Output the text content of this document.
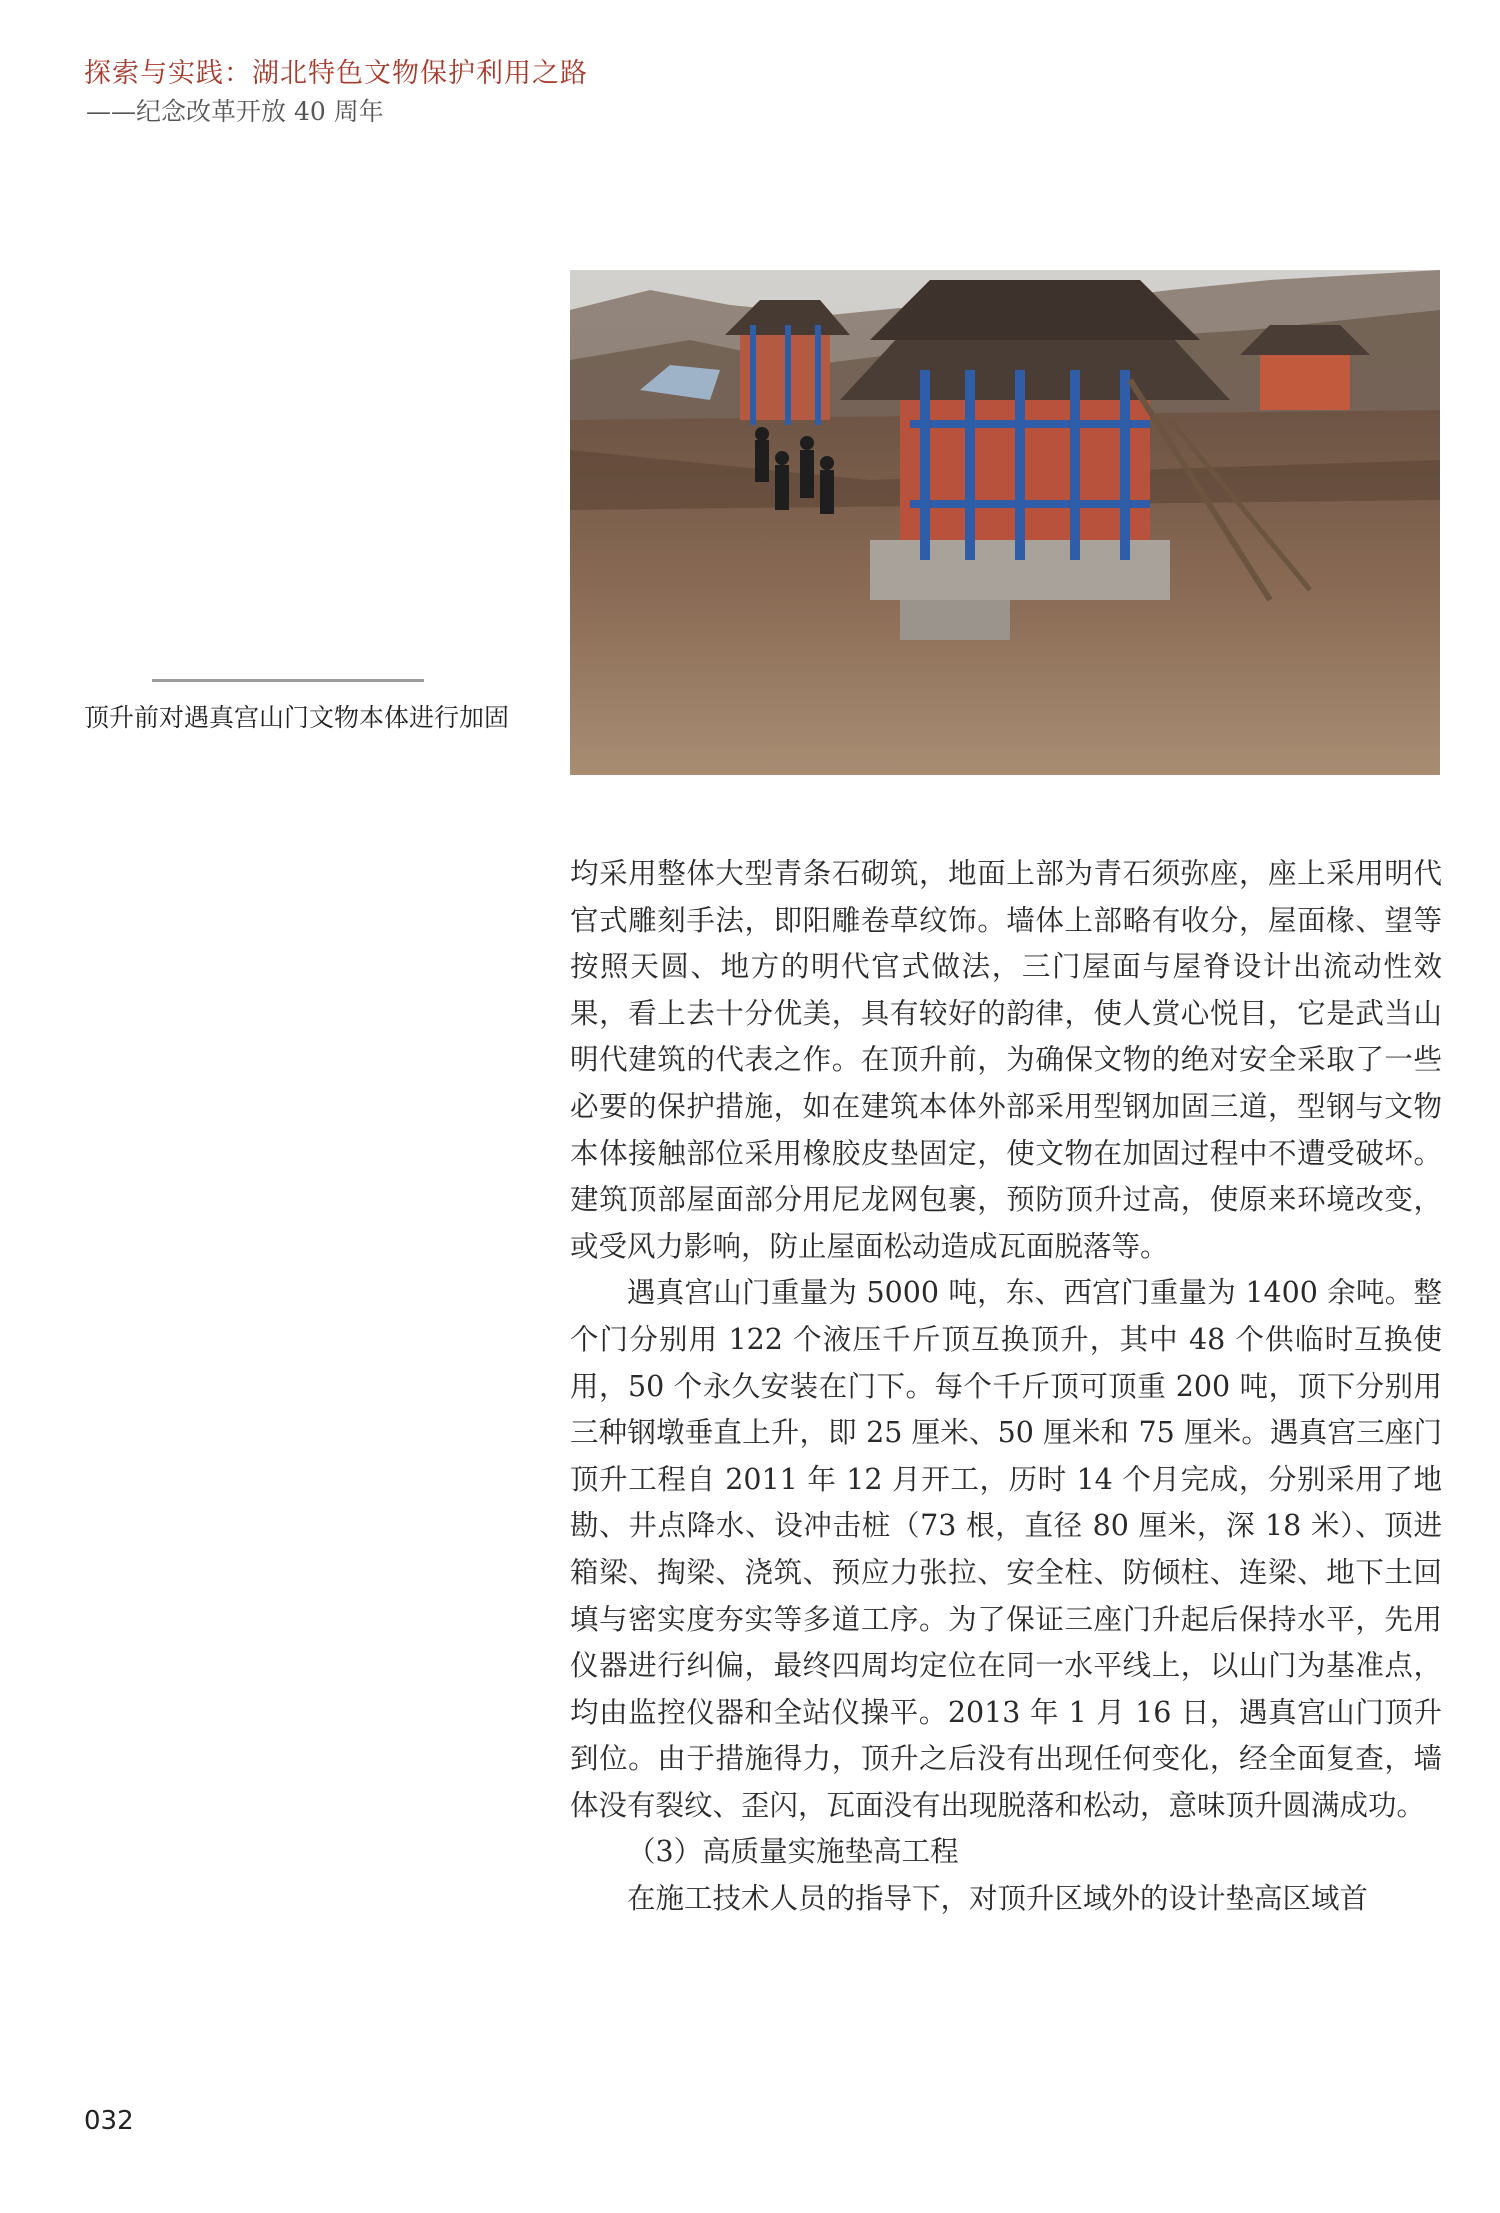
探索与实践：湖北特色文物保护利用之路
——纪念改革开放 40 周年
顶升前对遇真宫山门文物本体进行加固

均采用整体大型青条石砌筑，地面上部为青石须弥座，座上采用明代官式雕刻手法，即阳雕卷草纹饰。墙体上部略有收分，屋面椽、望等按照天圆、地方的明代官式做法，三门屋面与屋脊设计出流动性效果，看上去十分优美，具有较好的韵律，使人赏心悦目，它是武当山明代建筑的代表之作。在顶升前，为确保文物的绝对安全采取了一些必要的保护措施，如在建筑本体外部采用型钢加固三道，型钢与文物本体接触部位采用橡胶皮垫固定，使文物在加固过程中不遭受破坏。建筑顶部屋面部分用尼龙网包裹，预防顶升过高，使原来环境改变，或受风力影响，防止屋面松动造成瓦面脱落等。

遇真宫山门重量为 5000 吨，东、西宫门重量为 1400 余吨。整个门分别用 122 个液压千斤顶互换顶升，其中 48 个供临时互换使用，50 个永久安装在门下。每个千斤顶可顶重 200 吨，顶下分别用三种钢墩垂直上升，即 25 厘米、50 厘米和 75 厘米。遇真宫三座门顶升工程自 2011 年 12 月开工，历时 14 个月完成，分别采用了地勘、井点降水、设冲击桩（73 根，直径 80 厘米，深 18 米）、顶进箱梁、掏梁、浇筑、预应力张拉、安全柱、防倾柱、连梁、地下土回填与密实度夯实等多道工序。为了保证三座门升起后保持水平，先用仪器进行纠偏，最终四周均定位在同一水平线上，以山门为基准点，均由监控仪器和全站仪操平。2013 年 1 月 16 日，遇真宫山门顶升到位。由于措施得力，顶升之后没有出现任何变化，经全面复查，墙体没有裂纹、歪闪，瓦面没有出现脱落和松动，意味顶升圆满成功。

（3）高质量实施垫高工程

在施工技术人员的指导下，对顶升区域外的设计垫高区域首

032
